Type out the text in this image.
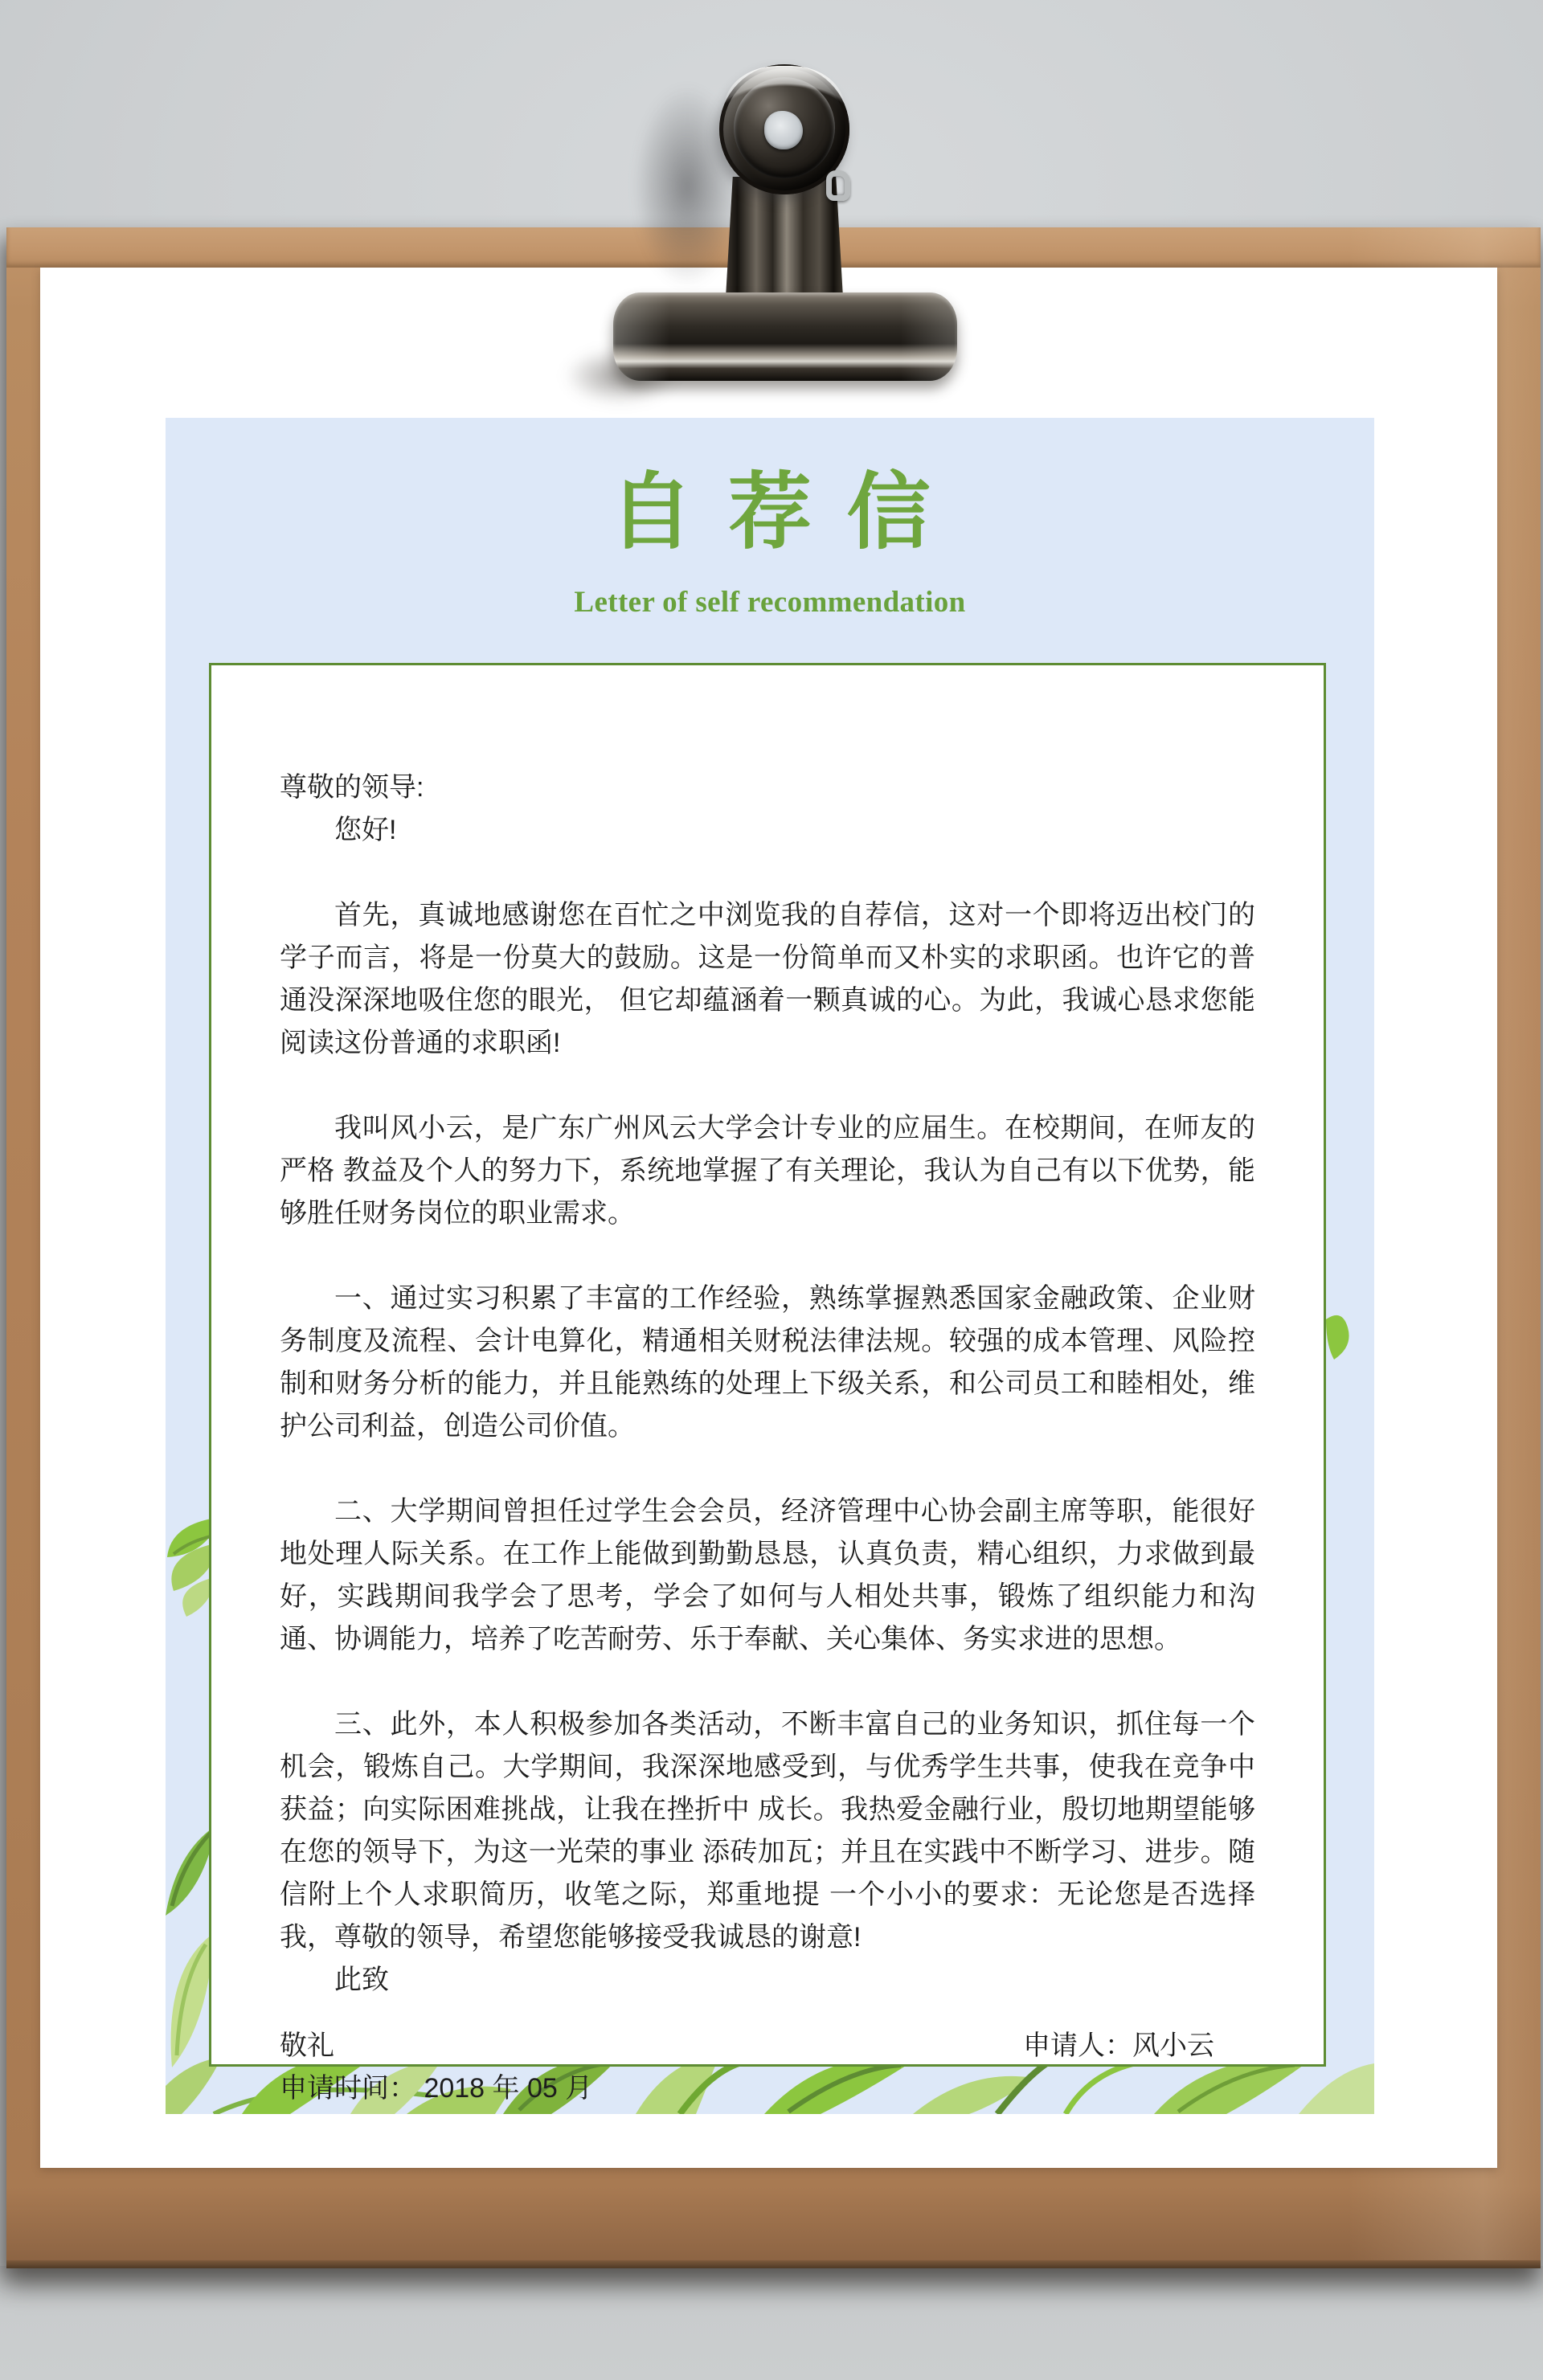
自荐信
Letter of self recommendation

尊敬的领导:

您好!

首先，真诚地感谢您在百忙之中浏览我的自荐信，这对一个即将迈出校门的学子而言，将是一份莫大的鼓励。这是一份简单而又朴实的求职函。也许它的普通没深深地吸住您的眼光， 但它却蕴涵着一颗真诚的心。为此，我诚心恳求您能阅读这份普通的求职函!

我叫风小云，是广东广州风云大学会计专业的应届生。在校期间，在师友的严格 教益及个人的努力下，系统地掌握了有关理论，我认为自己有以下优势，能够胜任财务岗位的职业需求。

一、通过实习积累了丰富的工作经验，熟练掌握熟悉国家金融政策、企业财务制度及流程、会计电算化，精通相关财税法律法规。较强的成本管理、风险控制和财务分析的能力，并且能熟练的处理上下级关系，和公司员工和睦相处，维护公司利益，创造公司价值。

二、大学期间曾担任过学生会会员，经济管理中心协会副主席等职，能很好地处理人际关系。在工作上能做到勤勤恳恳，认真负责，精心组织，力求做到最好，实践期间我学会了思考，学会了如何与人相处共事，锻炼了组织能力和沟通、协调能力，培养了吃苦耐劳、乐于奉献、关心集体、务实求进的思想。

三、此外，本人积极参加各类活动，不断丰富自己的业务知识，抓住每一个机会，锻炼自己。大学期间，我深深地感受到，与优秀学生共事，使我在竞争中获益；向实际困难挑战，让我在挫折中 成长。我热爱金融行业，殷切地期望能够在您的领导下，为这一光荣的事业 添砖加瓦；并且在实践中不断学习、进步。随信附上个人求职简历，收笔之际，郑重地提 一个小小的要求：无论您是否选择我，尊敬的领导，希望您能够接受我诚恳的谢意!

此致

敬礼	申请人：风小云

申请时间： 2018 年 05 月
